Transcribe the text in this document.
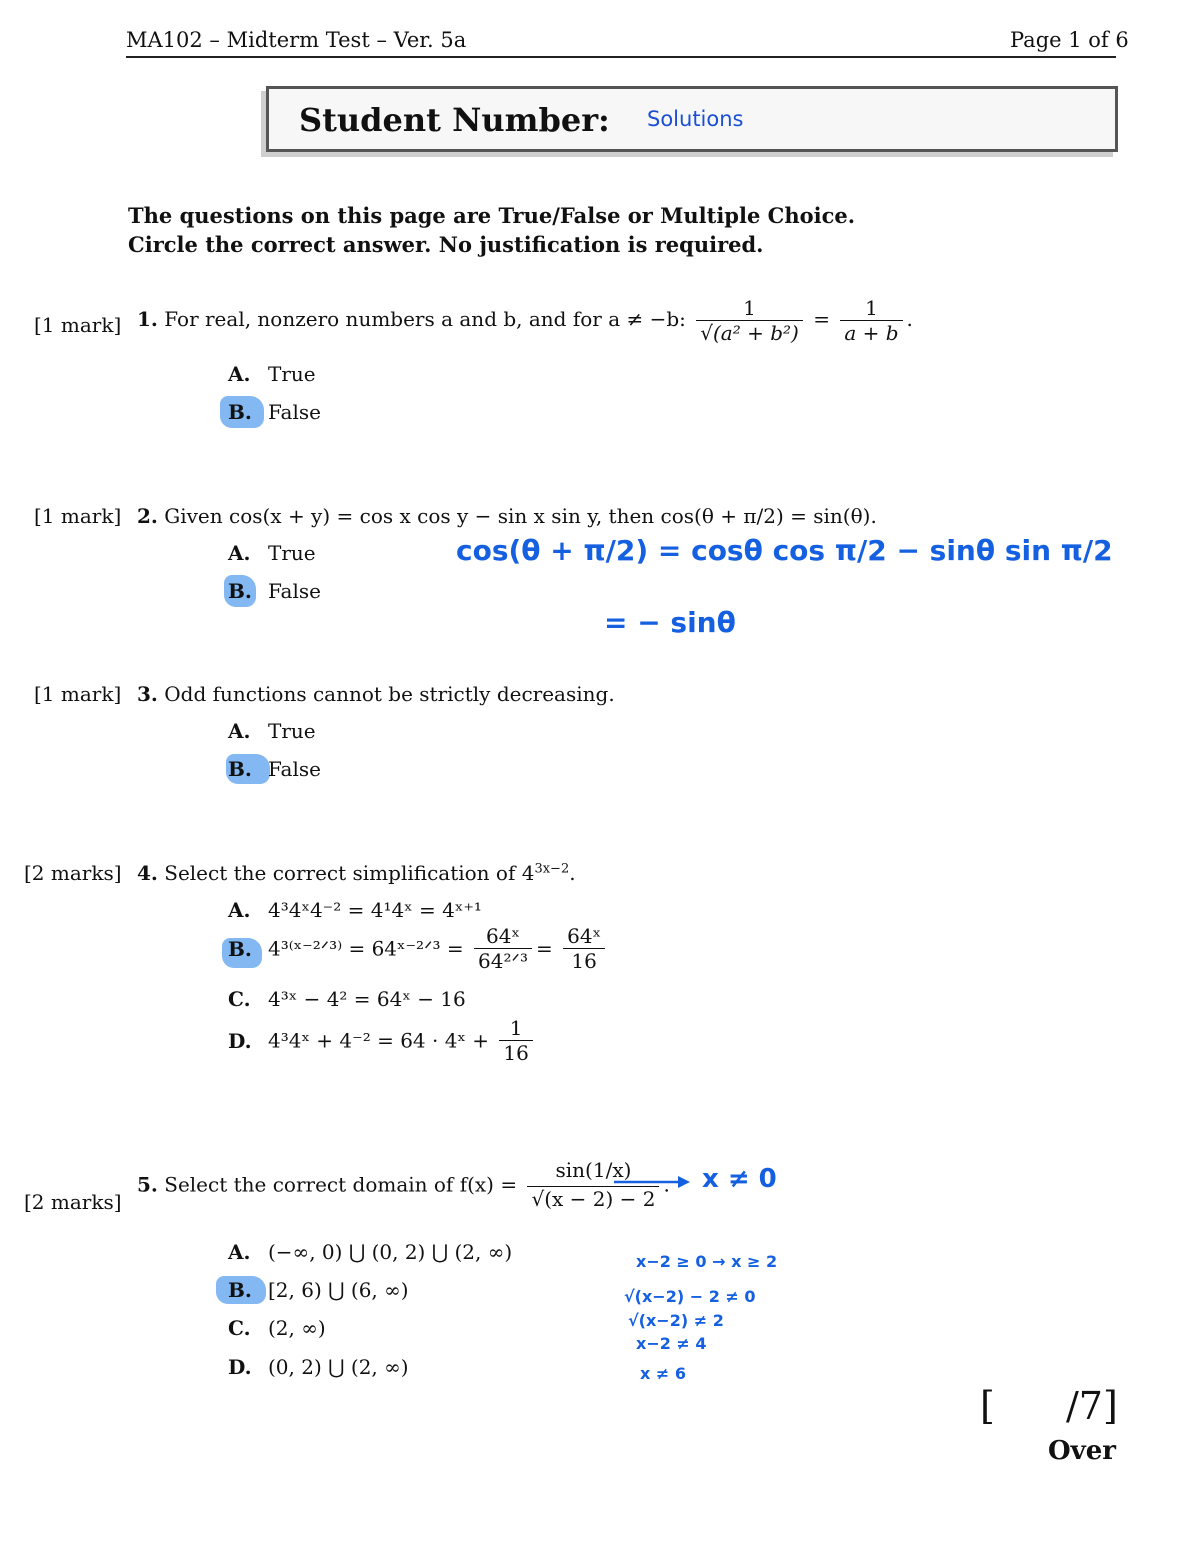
MA102 – Midterm Test – Ver. 5a	Page 1 of 6
Student Number: Solutions
The questions on this page are True/False or Multiple Choice.
Circle the correct answer. No justification is required.
[1 mark] 1. For real, nonzero numbers a and b, and for a ≠ −b: $\frac{1}{\text{√(a² + b²)}} = \frac{1}{a + b}$ .
A. True
B. False
[1 mark] 2. Given cos(x + y) = cos x cos y − sin x sin y, then cos(θ + π/2) = sin(θ).
A. True
B. False
cos(θ + π/2) = cosθ cos π/2 − sinθ sin π/2
= − sinθ
[1 mark] 3. Odd functions cannot be strictly decreasing.
A. True
B. False
[2 marks] 4. Select the correct simplification of $4^{3x-2}$.
A. 4³4ˣ4⁻² = 4¹4ˣ = 4ˣ⁺¹
B. 4³⁽ˣ⁻²ᐟ³⁾ = 64ˣ⁻²ᐟ³ = $\frac{\text{64ˣ}}{\text{64²ᐟ³}} = \frac{\text{64ˣ}}{16}$
C. 4³ˣ − 4² = 64ˣ − 16
D. 4³4ˣ + 4⁻² = 64 · 4ˣ + $\frac{1}{16}$
[2 marks]
5. Select the correct domain of $f(x) = \frac{\sin(1/x)}{√(x - 2) - 2}$ . x ≠ 0
A. (−∞, 0) ⋃ (0, 2) ⋃ (2, ∞)
B. [2, 6) ⋃ (6, ∞)
C. (2, ∞)
D. (0, 2) ⋃ (2, ∞)
x−2 ≥ 0 → x ≥ 2
√(x−2) − 2 ≠ 0
√(x−2) ≠ 2
x−2 ≠ 4
x ≠ 6
[ /7]
Over
